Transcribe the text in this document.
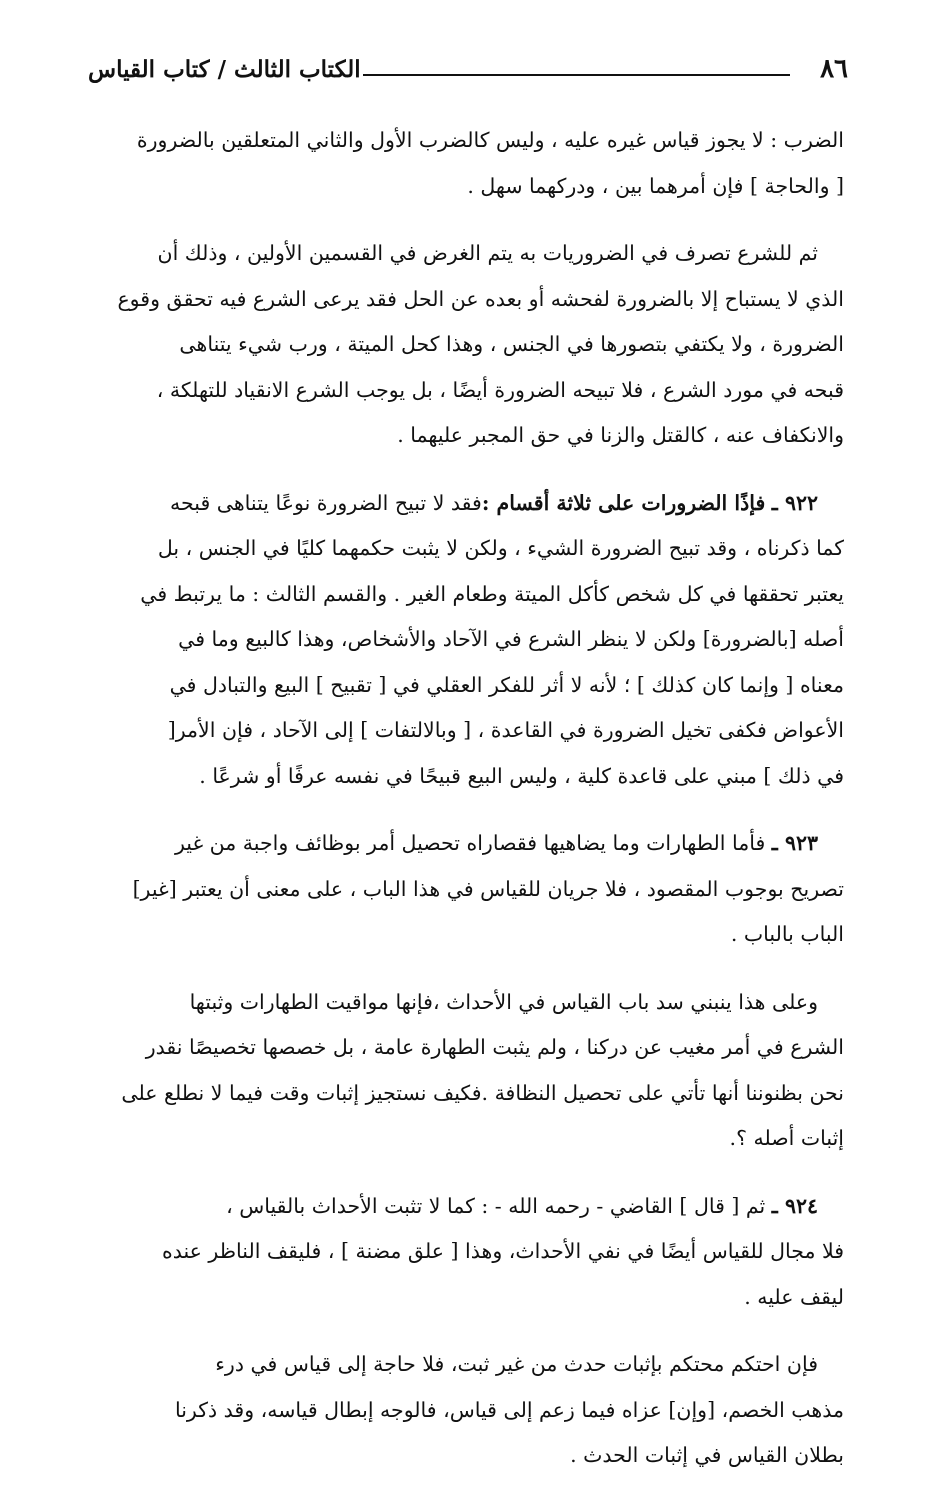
٨٦
الكتاب الثالث / كتاب القياس
الضرب : لا يجوز قياس غيره عليه ، وليس كالضرب الأول والثاني المتعلقين بالضرورة
[ والحاجة ] فإن أمرهما بين ، ودركهما سهل .
ثم للشرع تصرف في الضروريات به يتم الغرض في القسمين الأولين ، وذلك أن
الذي لا يستباح إلا بالضرورة لفحشه أو بعده عن الحل فقد يرعى الشرع فيه تحقق وقوع
الضرورة ، ولا يكتفي بتصورها في الجنس ، وهذا كحل الميتة ، ورب شيء يتناهى
قبحه في مورد الشرع ، فلا تبيحه الضرورة أيضًا ، بل يوجب الشرع الانقياد للتهلكة ،
والانكفاف عنه ، كالقتل والزنا في حق المجبر عليهما .
٩٢٢ ـ فإذًا الضرورات على ثلاثة أقسام :فقد لا تبيح الضرورة نوعًا يتناهى قبحه
كما ذكرناه ، وقد تبيح الضرورة الشيء ، ولكن لا يثبت حكمهما كليًا في الجنس ، بل
يعتبر تحققها في كل شخص كأكل الميتة وطعام الغير . والقسم الثالث : ما يرتبط في
أصله [بالضرورة] ولكن لا ينظر الشرع في الآحاد والأشخاص، وهذا كالبيع وما في
معناه [ وإنما كان كذلك ] ؛ لأنه لا أثر للفكر العقلي في [ تقبيح ] البيع والتبادل في
الأعواض فكفى تخيل الضرورة في القاعدة ، [ وبالالتفات ] إلى الآحاد ، فإن الأمر[
في ذلك ] مبني على قاعدة كلية ، وليس البيع قبيحًا في نفسه عرفًا أو شرعًا .
٩٢٣ ـ فأما الطهارات وما يضاهيها فقصاراه تحصيل أمر بوظائف واجبة من غير
تصريح بوجوب المقصود ، فلا جريان للقياس في هذا الباب ، على معنى أن يعتبر [غير]
الباب بالباب .
وعلى هذا ينبني سد باب القياس في الأحداث ،فإنها مواقيت الطهارات وثبتها
الشرع في أمر مغيب عن دركنا ، ولم يثبت الطهارة عامة ، بل خصصها تخصيصًا نقدر
نحن بظنوننا أنها تأتي على تحصيل النظافة .فكيف نستجيز إثبات وقت فيما لا نطلع على
إثبات أصله ؟.
٩٢٤ ـ ثم [ قال ] القاضي - رحمه الله - : كما لا تثبت الأحداث بالقياس ،
فلا مجال للقياس أيضًا في نفي الأحداث، وهذا [ علق مضنة ] ، فليقف الناظر عنده
ليقف عليه .
فإن احتكم محتكم بإثبات حدث من غير ثبت، فلا حاجة إلى قياس في درء
مذهب الخصم، [وإن] عزاه فيما زعم إلى قياس، فالوجه إبطال قياسه، وقد ذكرنا
بطلان القياس في إثبات الحدث .
